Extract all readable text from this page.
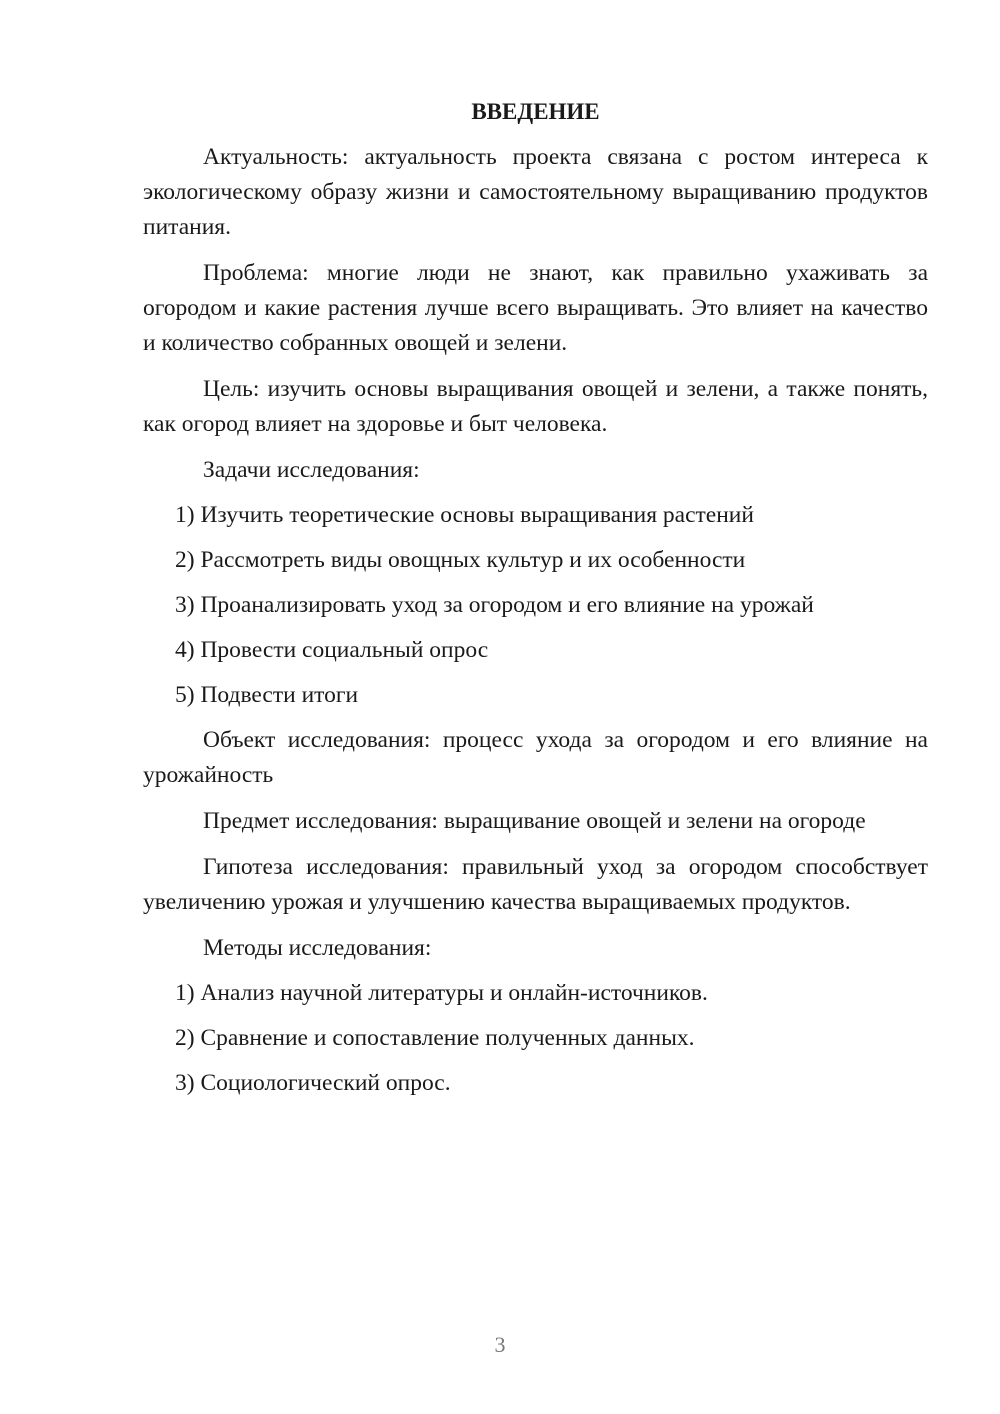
ВВЕДЕНИЕ

Актуальность: актуальность проекта связана с ростом интереса к экологическому образу жизни и самостоятельному выращиванию продуктов питания.

Проблема: многие люди не знают, как правильно ухаживать за огородом и какие растения лучше всего выращивать. Это влияет на качество и количество собранных овощей и зелени.

Цель: изучить основы выращивания овощей и зелени, а также понять, как огород влияет на здоровье и быт человека.

Задачи исследования:

1) Изучить теоретические основы выращивания растений
2) Рассмотреть виды овощных культур и их особенности
3) Проанализировать уход за огородом и его влияние на урожай
4) Провести социальный опрос
5) Подвести итоги

Объект исследования: процесс ухода за огородом и его влияние на урожайность

Предмет исследования: выращивание овощей и зелени на огороде

Гипотеза исследования: правильный уход за огородом способствует увеличению урожая и улучшению качества выращиваемых продуктов.

Методы исследования:

1) Анализ научной литературы и онлайн-источников.
2) Сравнение и сопоставление полученных данных.
3) Социологический опрос.
3
